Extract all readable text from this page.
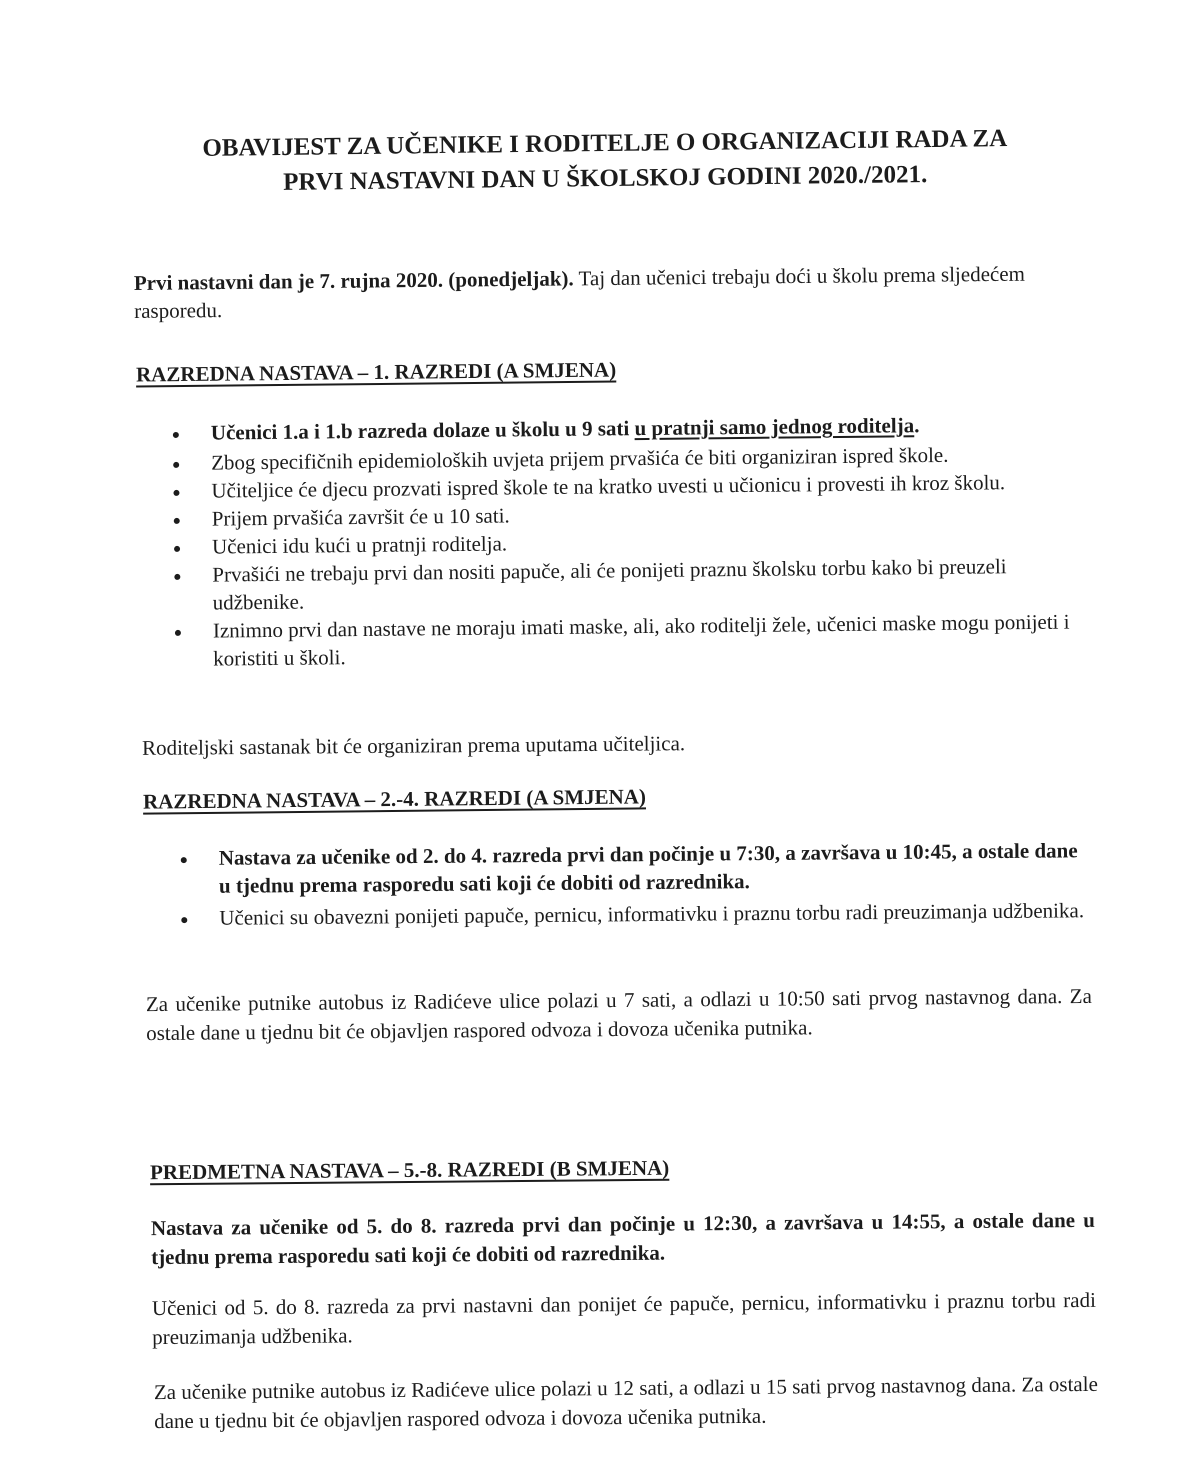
OBAVIJEST ZA UČENIKE I RODITELJE O ORGANIZACIJI RADA ZA
PRVI NASTAVNI DAN U ŠKOLSKOJ GODINI 2020./2021.
Prvi nastavni dan je 7. rujna 2020. (ponedjeljak). Taj dan učenici trebaju doći u školu prema sljedećem rasporedu.
RAZREDNA NASTAVA – 1. RAZREDI (A SMJENA)
Učenici 1.a i 1.b razreda dolaze u školu u 9 sati u pratnji samo jednog roditelja.
Zbog specifičnih epidemioloških uvjeta prijem prvašića će biti organiziran ispred škole.
Učiteljice će djecu prozvati ispred škole te na kratko uvesti u učionicu i provesti ih kroz školu.
Prijem prvašića završit će u 10 sati.
Učenici idu kući u pratnji roditelja.
Prvašići ne trebaju prvi dan nositi papuče, ali će ponijeti praznu školsku torbu kako bi preuzeli udžbenike.
Iznimno prvi dan nastave ne moraju imati maske, ali, ako roditelji žele, učenici maske mogu ponijeti i koristiti u školi.
Roditeljski sastanak bit će organiziran prema uputama učiteljica.
RAZREDNA NASTAVA – 2.-4. RAZREDI (A SMJENA)
Nastava za učenike od 2. do 4. razreda prvi dan počinje u 7:30, a završava u 10:45, a ostale dane u tjednu prema rasporedu sati koji će dobiti od razrednika.
Učenici su obavezni ponijeti papuče, pernicu, informativku i praznu torbu radi preuzimanja udžbenika.
Za učenike putnike autobus iz Radićeve ulice polazi u 7 sati, a odlazi u 10:50 sati prvog nastavnog dana. Za ostale dane u tjednu bit će objavljen raspored odvoza i dovoza učenika putnika.
PREDMETNA NASTAVA – 5.-8. RAZREDI (B SMJENA)
Nastava za učenike od 5. do 8. razreda prvi dan počinje u 12:30, a završava u 14:55, a ostale dane u tjednu prema rasporedu sati koji će dobiti od razrednika.
Učenici od 5. do 8. razreda za prvi nastavni dan ponijet će papuče, pernicu, informativku i praznu torbu radi preuzimanja udžbenika.
Za učenike putnike autobus iz Radićeve ulice polazi u 12 sati, a odlazi u 15 sati prvog nastavnog dana. Za ostale dane u tjednu bit će objavljen raspored odvoza i dovoza učenika putnika.
